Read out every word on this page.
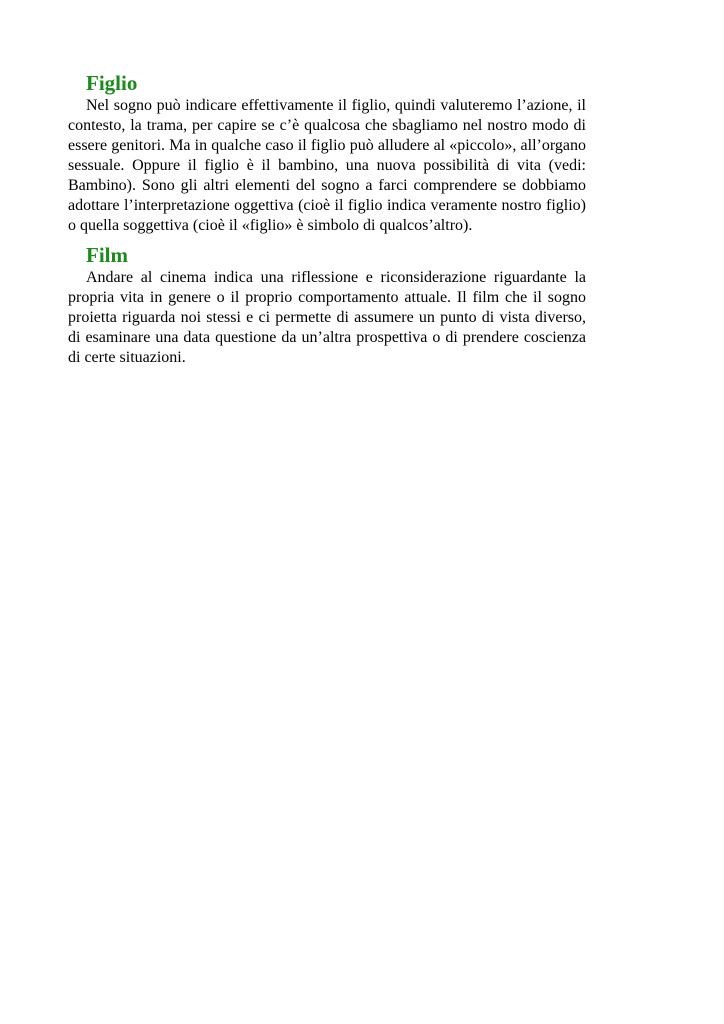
Figlio

Nel sogno può indicare effettivamente il figlio, quindi valuteremo l’azione, il contesto, la trama, per capire se c’è qualcosa che sbagliamo nel nostro modo di essere genitori. Ma in qualche caso il figlio può alludere al «piccolo», all’organo sessuale. Oppure il figlio è il bambino, una nuova possibilità di vita (vedi: Bambino). Sono gli altri elementi del sogno a farci comprendere se dobbiamo adottare l’interpretazione oggettiva (cioè il figlio indica veramente nostro figlio) o quella soggettiva (cioè il «figlio» è simbolo di qualcos’altro).

Film

Andare al cinema indica una riflessione e riconsiderazione riguardante la propria vita in genere o il proprio comportamento attuale. Il film che il sogno proietta riguarda noi stessi e ci permette di assumere un punto di vista diverso, di esaminare una data questione da un’altra prospettiva o di prendere coscienza di certe situazioni.
